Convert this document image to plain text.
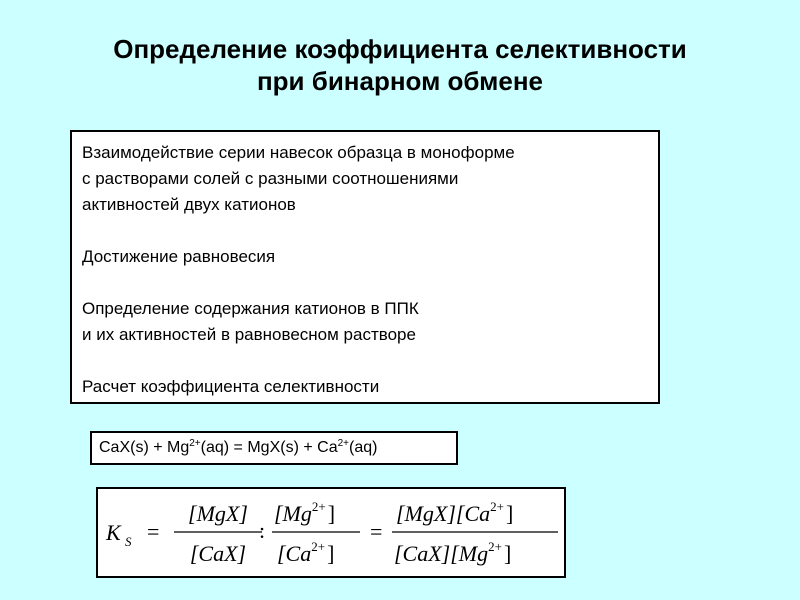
Определение коэффициента селективности
при бинарном обмене
Взаимодействие серии навесок образца в моноформе
с растворами солей с разными соотношениями
активностей двух катионов
Достижение равновесия
Определение содержания катионов в ППК
и их активностей в равновесном растворе
Расчет коэффициента селективности
$CaX(s) + Mg^{2+}(aq) = MgX(s) + Ca^{2+}(aq)$
K S =
[MgX]
[CaX]
:
$[Mg^{2+}]$
$[Ca^{2+}]$
=
$[MgX][Ca^{2+}]$
$[CaX][Mg^{2+}]$
